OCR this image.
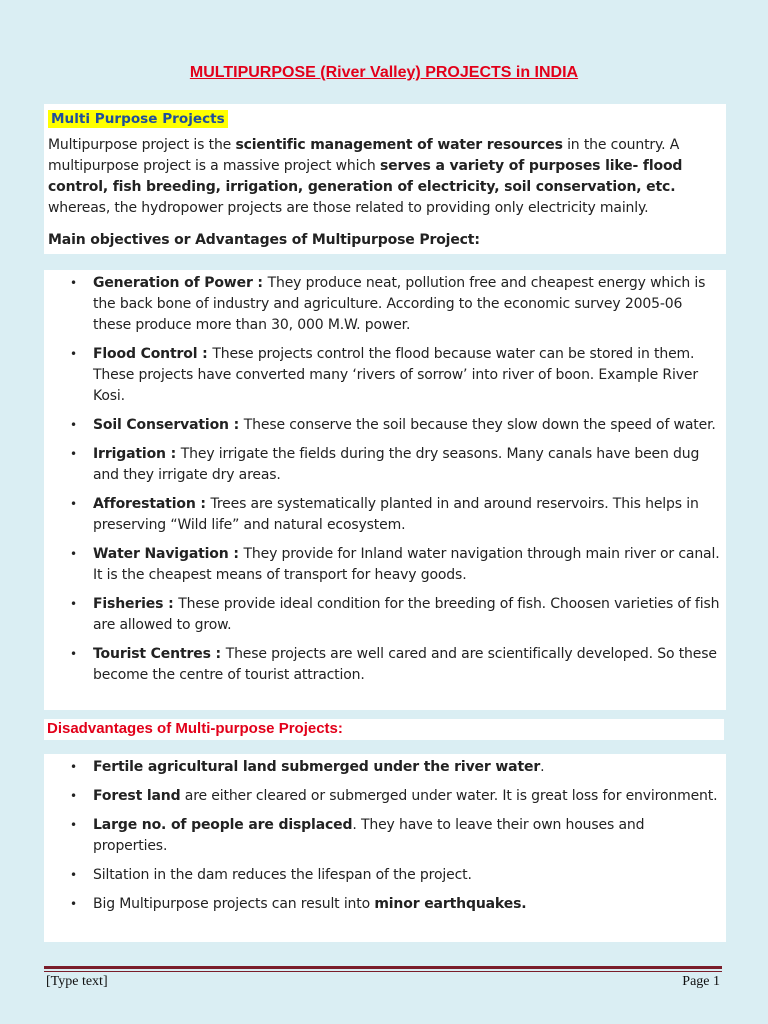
MULTIPURPOSE (River Valley) PROJECTS in INDIA
Multi Purpose Projects

Multipurpose project is the scientific management of water resources in the country. A multipurpose project is a massive project which serves a variety of purposes like- flood control, fish breeding, irrigation, generation of electricity, soil conservation, etc. whereas, the hydropower projects are those related to providing only electricity mainly.

Main objectives or Advantages of Multipurpose Project:

• Generation of Power : They produce neat, pollution free and cheapest energy which is the back bone of industry and agriculture. According to the economic survey 2005-06 these produce more than 30, 000 M.W. power.
• Flood Control : These projects control the flood because water can be stored in them. These projects have converted many ‘rivers of sorrow’ into river of boon. Example River Kosi.
• Soil Conservation : These conserve the soil because they slow down the speed of water.
• Irrigation : They irrigate the fields during the dry seasons. Many canals have been dug and they irrigate dry areas.
• Afforestation : Trees are systematically planted in and around reservoirs. This helps in preserving “Wild life” and natural ecosystem.
• Water Navigation : They provide for Inland water navigation through main river or canal. It is the cheapest means of transport for heavy goods.
• Fisheries : These provide ideal condition for the breeding of fish. Choosen varieties of fish are allowed to grow.
• Tourist Centres : These projects are well cared and are scientifically developed. So these become the centre of tourist attraction.
Disadvantages of Multi-purpose Projects:
• Fertile agricultural land submerged under the river water.
• Forest land are either cleared or submerged under water. It is great loss for environment.
• Large no. of people are displaced. They have to leave their own houses and properties.
• Siltation in the dam reduces the lifespan of the project.
• Big Multipurpose projects can result into minor earthquakes.
[Type text]	Page 1
